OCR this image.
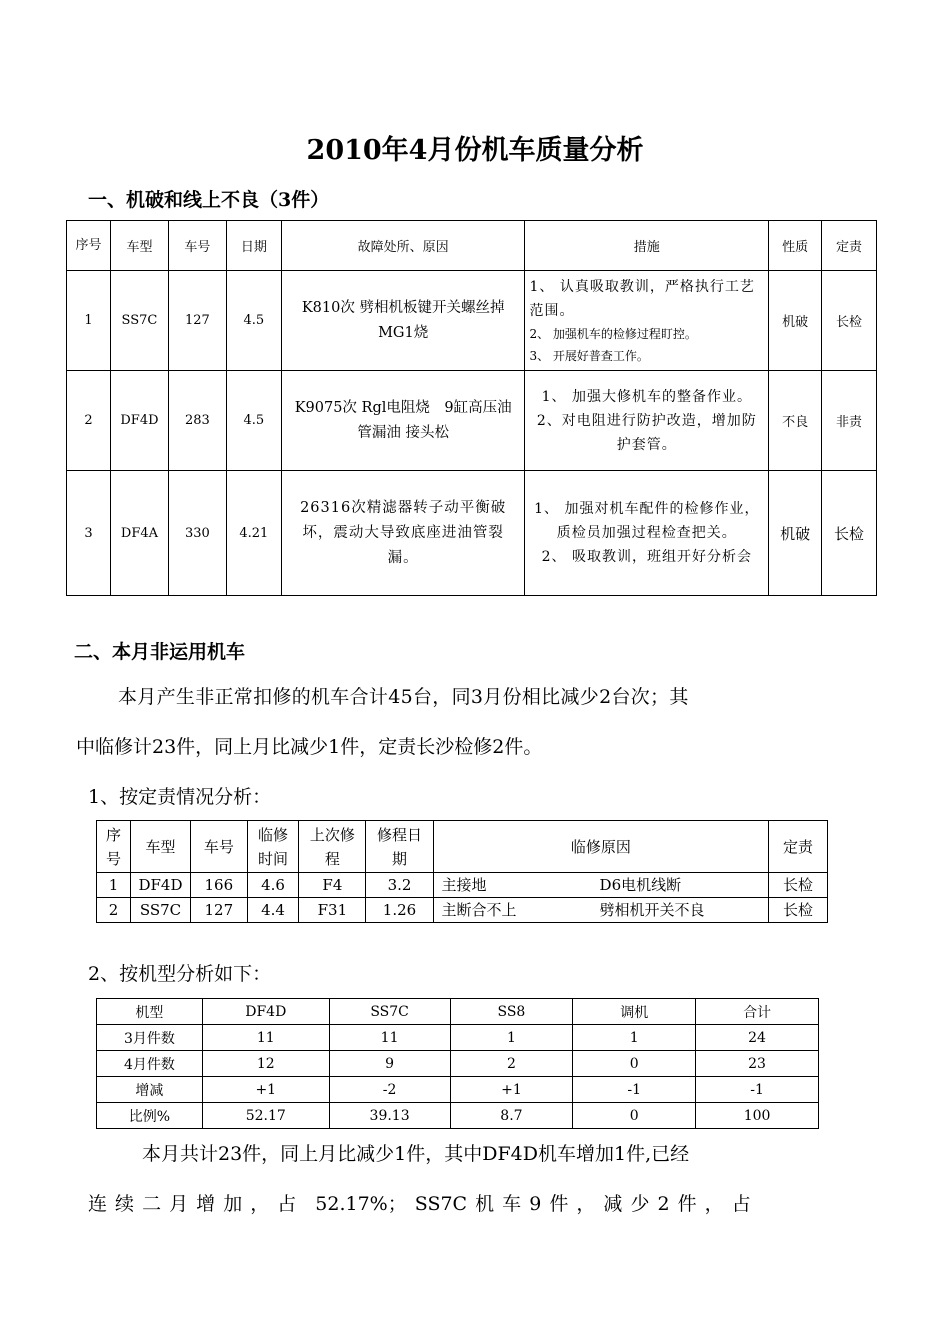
2010年4月份机车质量分析
一、机破和线上不良（3件）
序号	车型	车号	日期	故障处所、原因	措施	性质	定责
1	SS7C	127	4.5	K810次 劈相机板键开关螺丝掉　MG1烧	1、 认真吸取教训，严格执行工艺范围。
2、 加强机车的检修过程盯控。
3、 开展好普查工作。	机破	长检
2	DF4D	283	4.5	K9075次 Rgl电阻烧　9缸高压油管漏油 接头松	1、 加强大修机车的整备作业。
2、对电阻进行防护改造，增加防护套管。	不良	非责
3	DF4A	330	4.21	26316次精滤器转子动平衡破坏，震动大导致底座进油管裂漏。	1、 加强对机车配件的检修作业，质检员加强过程检查把关。
2、 吸取教训，班组开好分析会	机破	长检
二、本月非运用机车
本月产生非正常扣修的机车合计45台，同3月份相比减少2台次；其
中临修计23件，同上月比减少1件，定责长沙检修2件。
1、按定责情况分析：
序号	车型	车号	临修时间	上次修程	修程日期	临修原因	定责
1	DF4D	166	4.6	F4	3.2	主接地 D6电机线断	长检
2	SS7C	127	4.4	F31	1.26	主断合不上 劈相机开关不良	长检
2、按机型分析如下：
机型	DF4D	SS7C	SS8	调机	合计
3月件数	11	11	1	1	24
4月件数	12	9	2	0	23
增减	+1	-2	+1	-1	-1
比例%	52.17	39.13	8.7	0	100
本月共计23件，同上月比减少1件，其中DF4D机车增加1件,已经
连 续 二 月 增 加 ， 占　52.17%； SS7C 机 车 9 件 ， 减 少 2 件 ， 占
